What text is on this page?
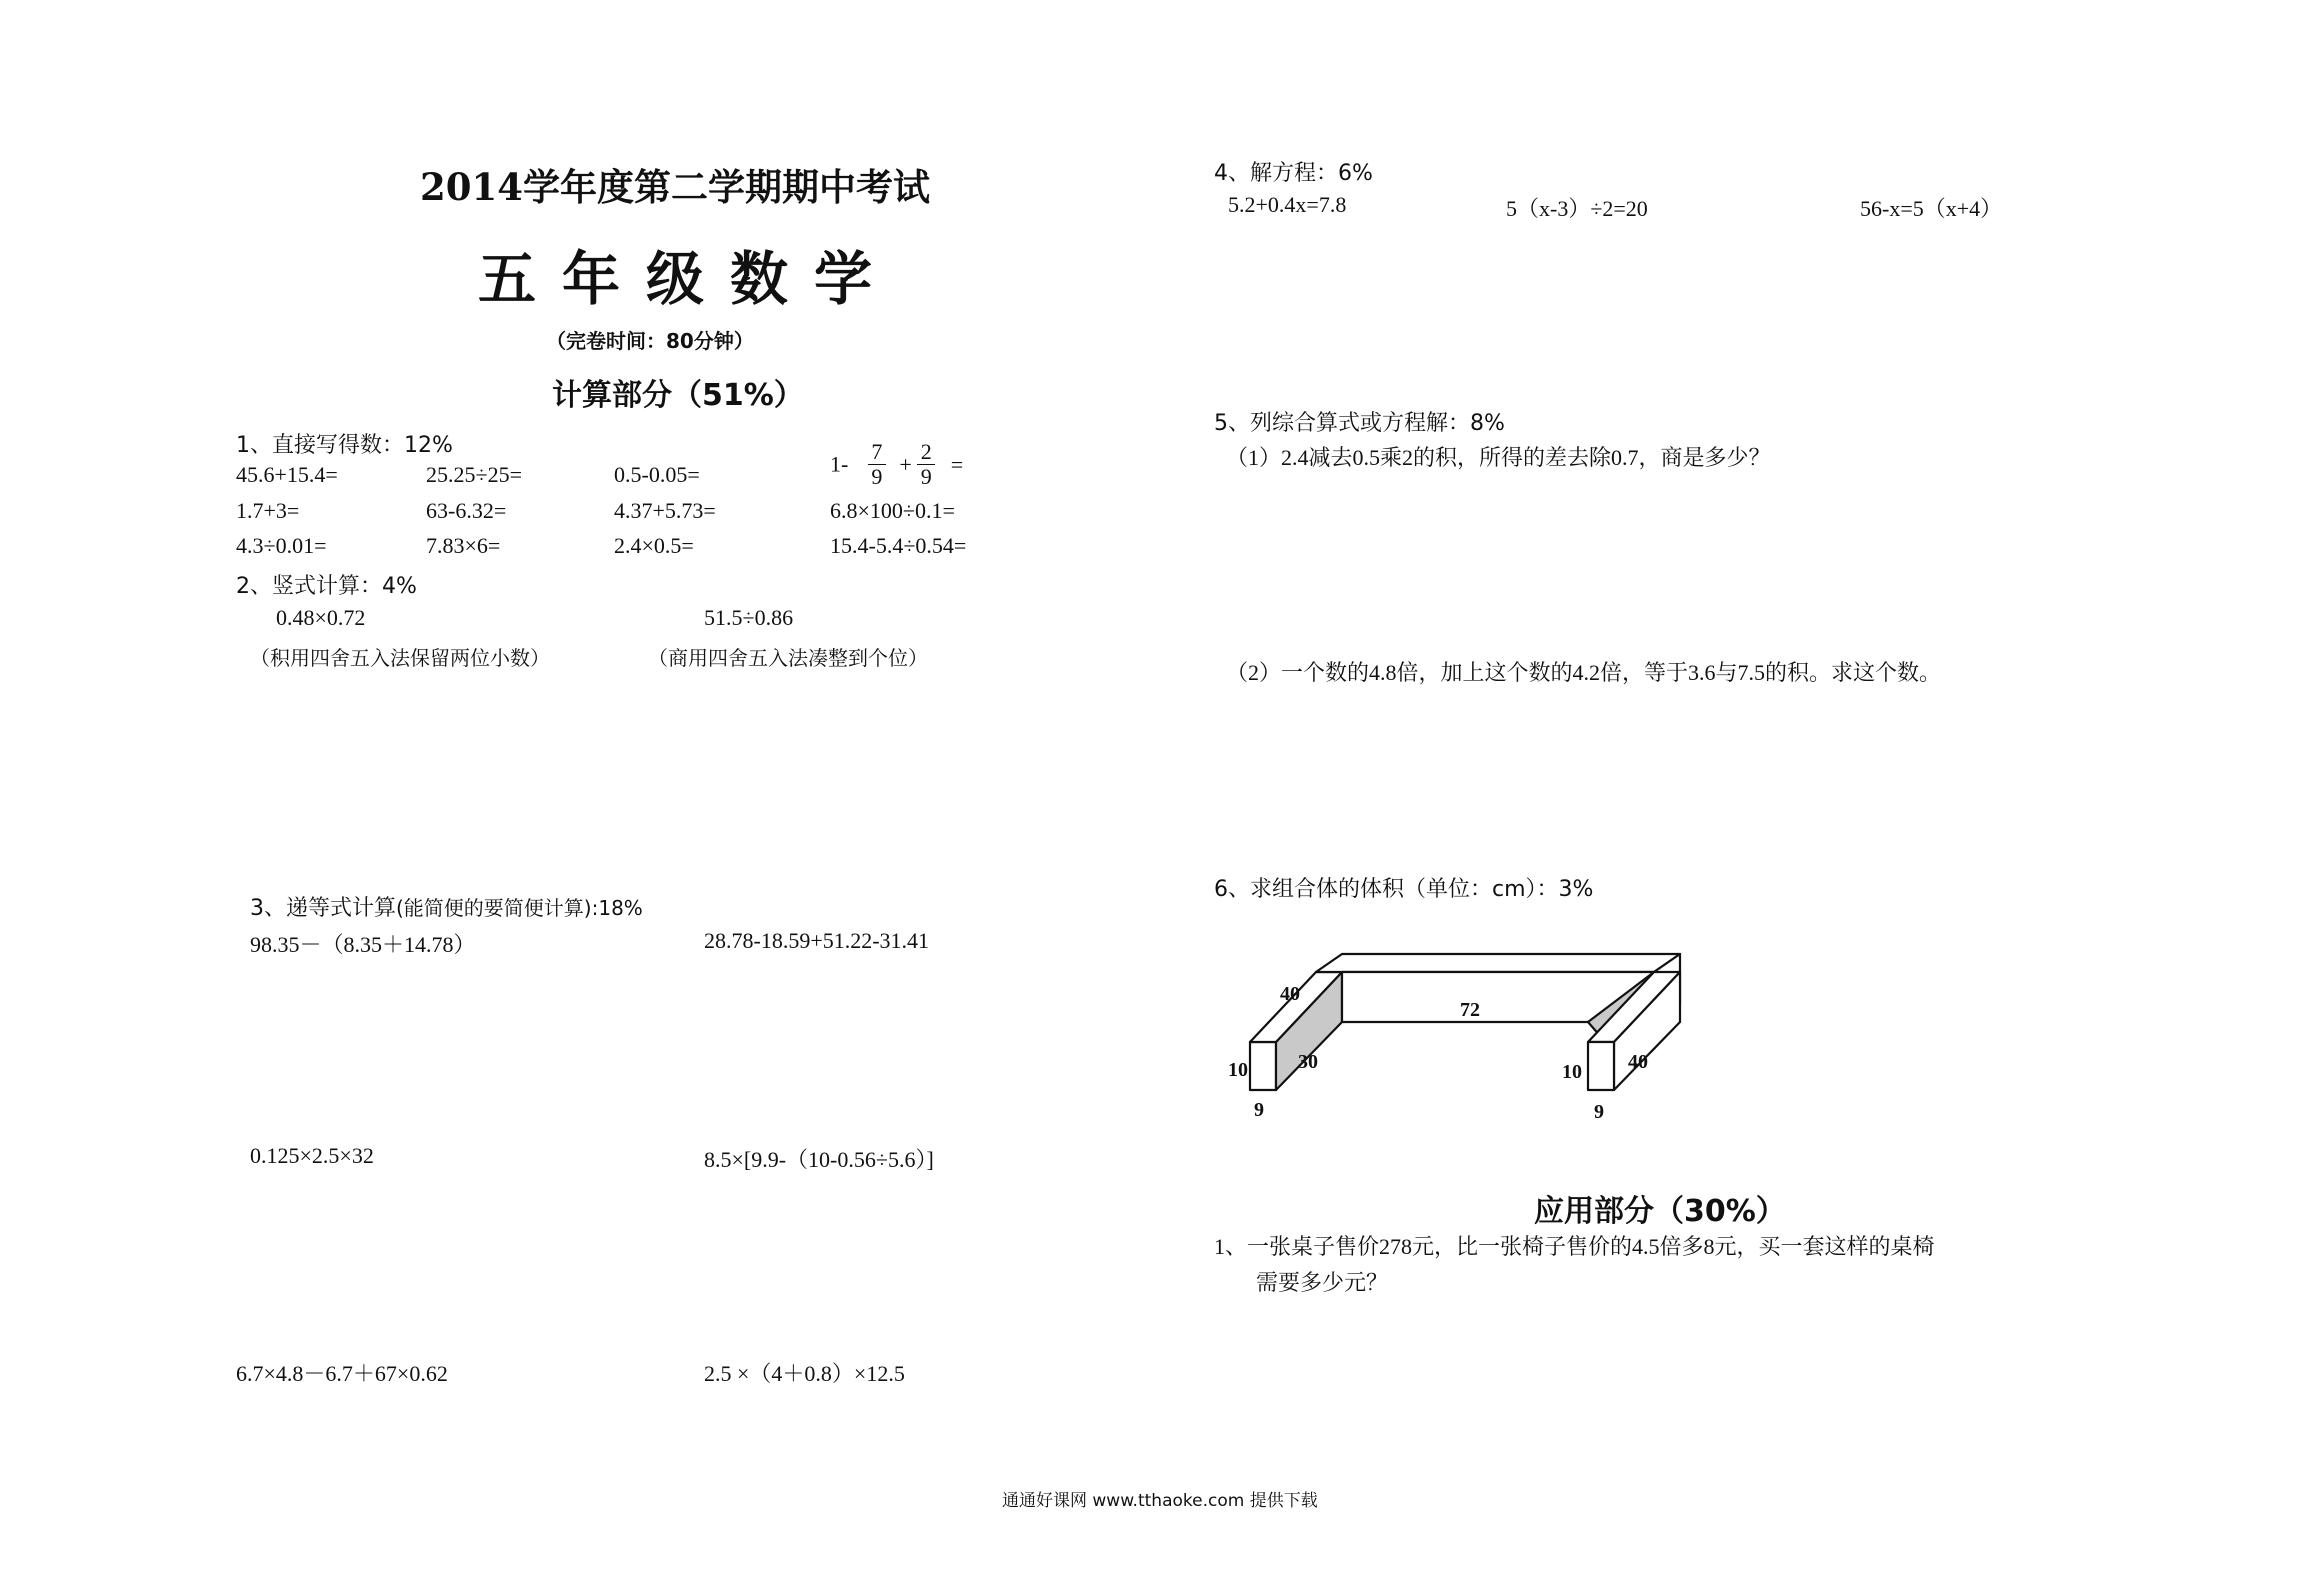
2014学年度第二学期期中考试
五年级数学
（完卷时间：80分钟）
计算部分（51%）
1、直接写得数：12%
45.6+15.4=	25.25÷25=	0.5-0.05=	$1- \frac{7}{9} + \frac{2}{9}$ =
1.7+3=	63-6.32=	4.37+5.73=	6.8×100÷0.1=
4.3÷0.01=	7.83×6=	2.4×0.5=	15.4-5.4÷0.54=
2、竖式计算：4%
0.48×0.72
（积用四舍五入法保留两位小数）
51.5÷0.86
（商用四舍五入法凑整到个位）
3、递等式计算(能简便的要简便计算):18%
98.35－（8.35＋14.78）	28.78-18.59+51.22-31.41
0.125×2.5×32	8.5×[9.9-（10-0.56÷5.6）]
6.7×4.8－6.7＋67×0.62	2.5 ×（4＋0.8）×12.5
4、解方程：6%
5.2+0.4x=7.8	5（x-3）÷2=20	56-x=5（x+4）
5、列综合算式或方程解：8%
（1）2.4减去0.5乘2的积，所得的差去除0.7，商是多少？
（2）一个数的4.8倍，加上这个数的4.2倍，等于3.6与7.5的积。求这个数。
6、求组合体的体积（单位：cm）：3%
40
10	30
9
72
10 40
9
应用部分（30%）
1、一张桌子售价278元，比一张椅子售价的4.5倍多8元，买一套这样的桌椅
需要多少元？
通通好课网 www.tthaoke.com 提供下载
